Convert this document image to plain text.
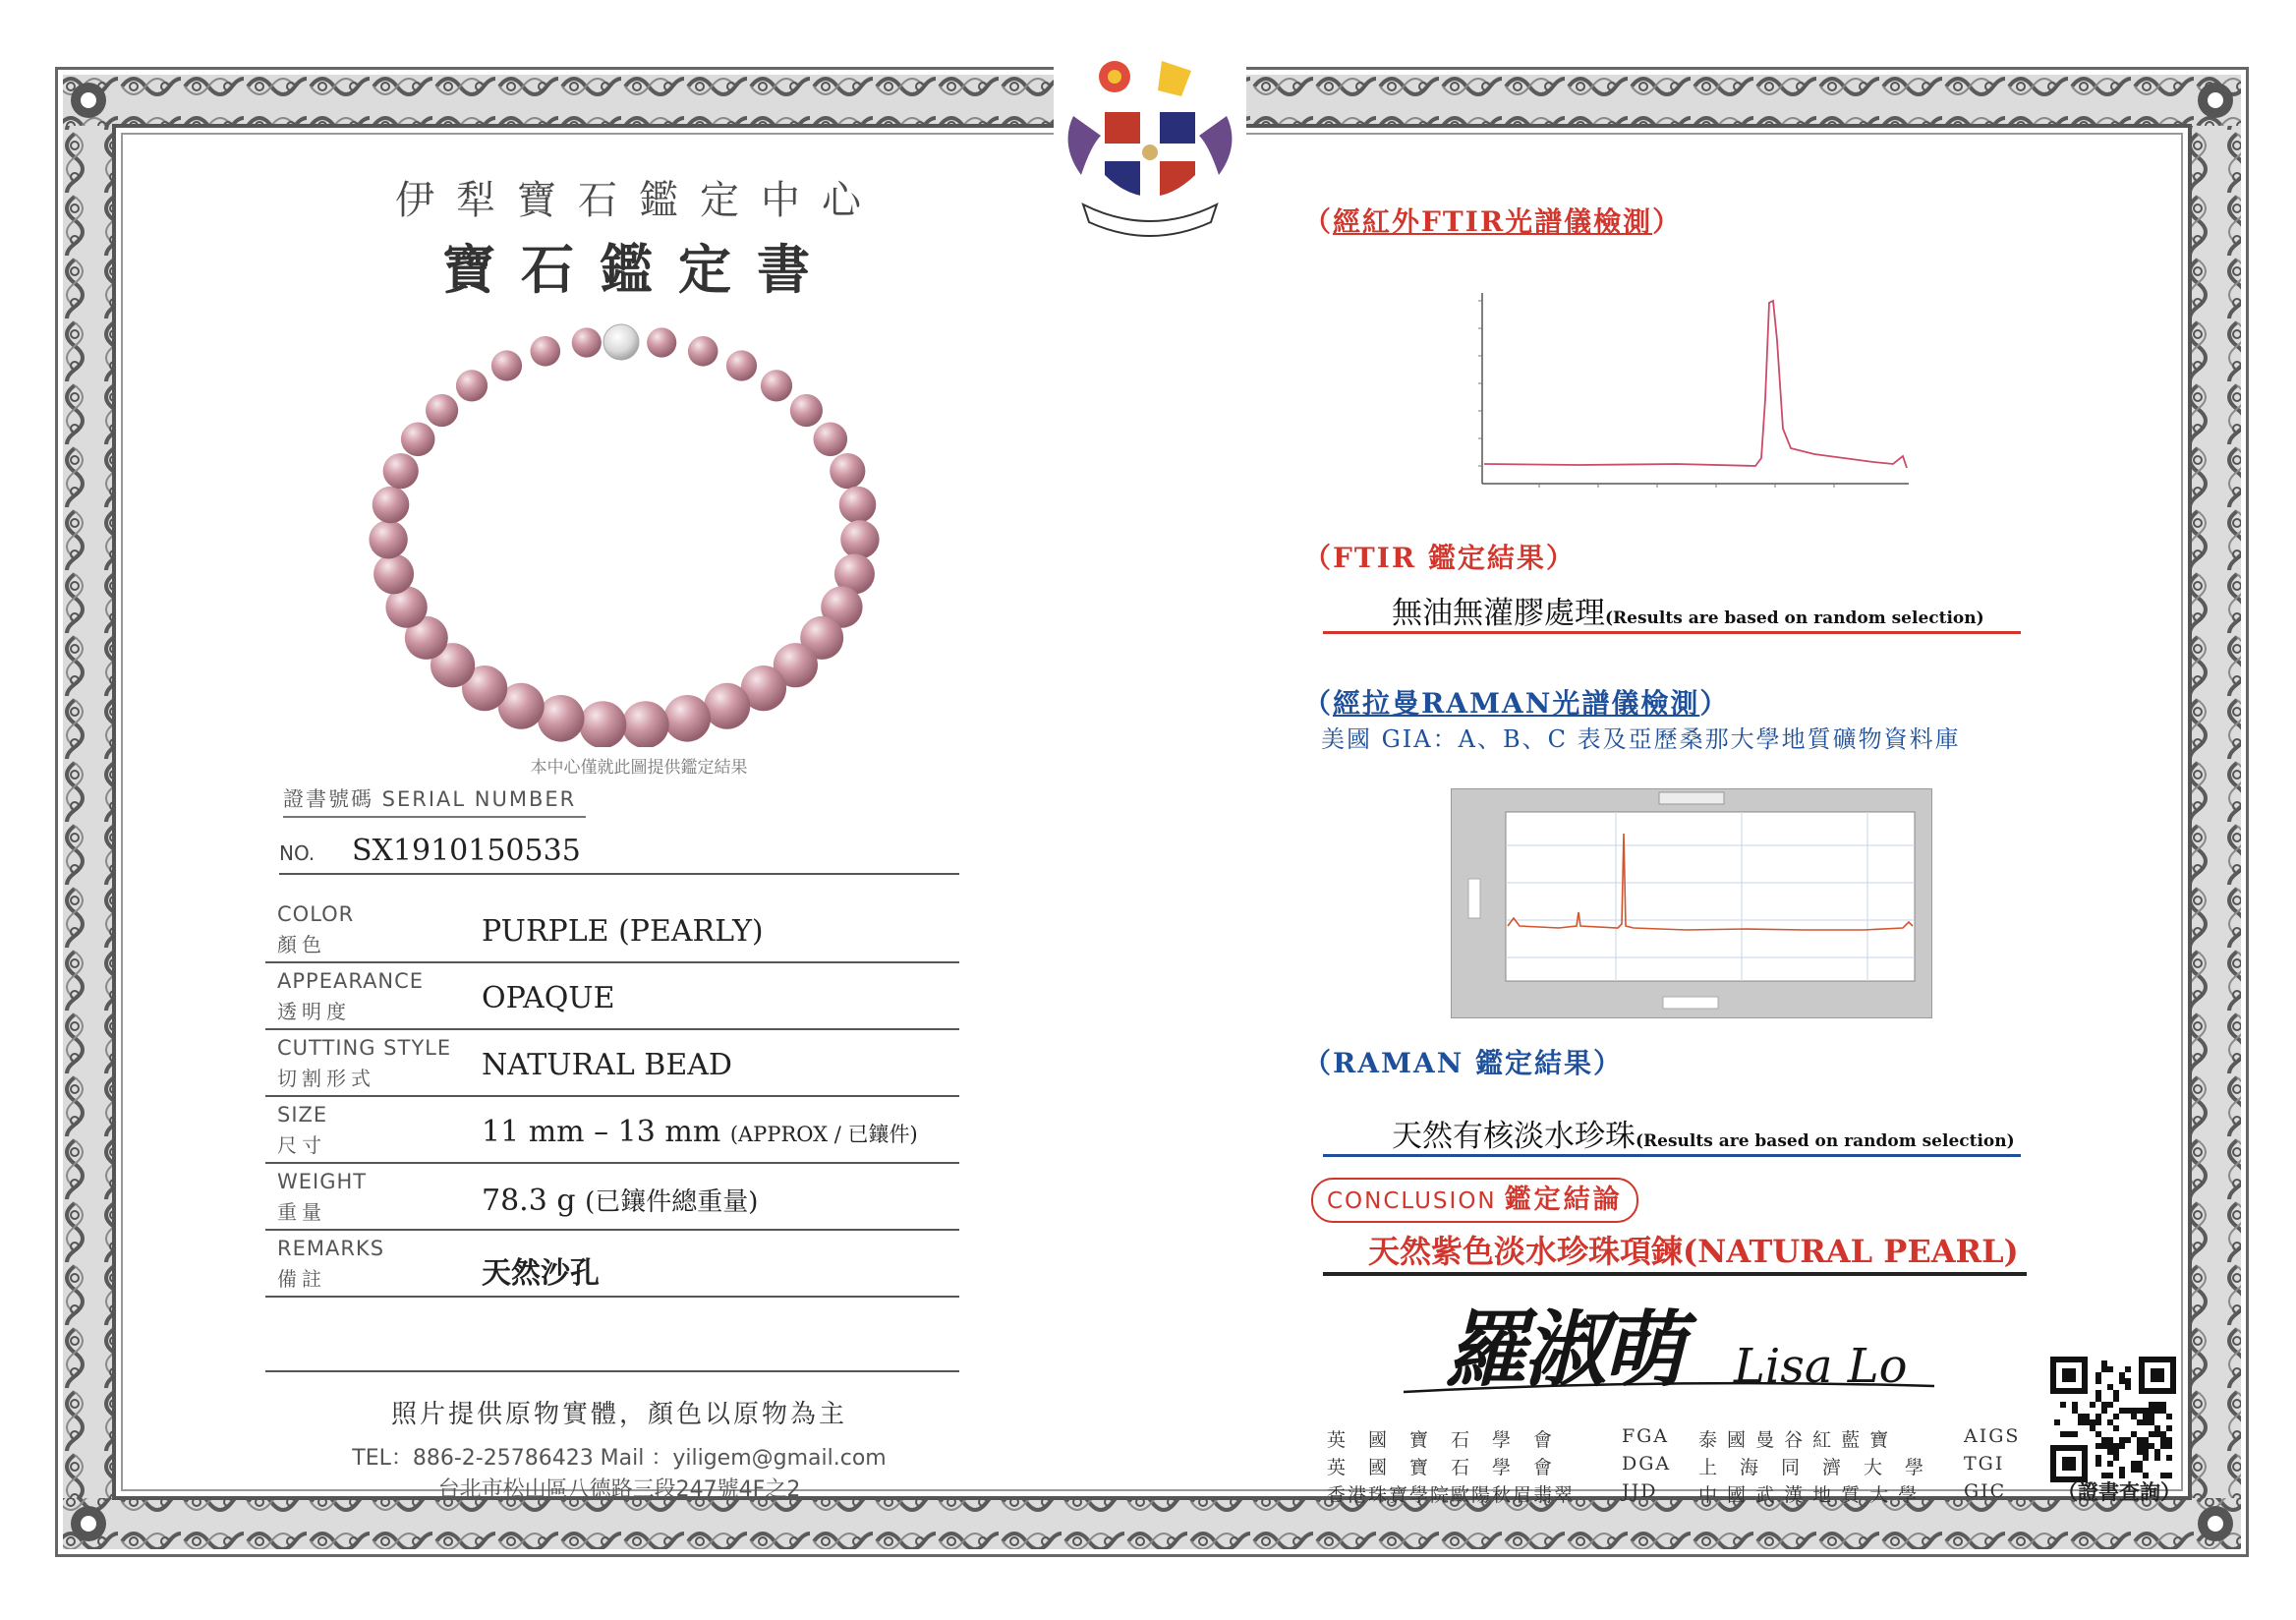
伊犁寶石鑑定中心
寶石鑑定書
本中心僅就此圖提供鑑定結果
證書號碼 SERIAL NUMBER
NO. SX1910150535
COLOR
顏色	PURPLE (PEARLY)
APPEARANCE
透明度	OPAQUE
CUTTING STYLE
切割形式	NATURAL BEAD
SIZE
尺寸	11 mm – 13 mm (APPROX / 已鑲件)
WEIGHT
重量	78.3 g (已鑲件總重量)
REMARKS
備註	天然沙孔
照片提供原物實體，顏色以原物為主
TEL：886-2-25786423 Mail ：yiligem@gmail.com
台北市松山區八德路三段247號4F之2
（經紅外FTIR光譜儀檢測）
（FTIR 鑑定結果）
無油無灌膠處理(Results are based on random selection)
（經拉曼RAMAN光譜儀檢測）
美國 GIA：A、B、C 表及亞歷桑那大學地質礦物資料庫
（RAMAN 鑑定結果）
天然有核淡水珍珠(Results are based on random selection)
CONCLUSION 鑑定結論
天然紫色淡水珍珠項鍊(NATURAL PEARL)
羅淑萌	Lisa Lo
英　國　寶　石　學　會	FGA 泰 國 曼 谷 紅 藍 寶	AIGS
英　國　寶　石　學　會	DGA 上　海　同　濟　大　學 TGI
香港珠寶學院歐陽秋眉翡翠	JJD 中 國 武 漢 地 質 大 學 GIC	（證書查詢）
